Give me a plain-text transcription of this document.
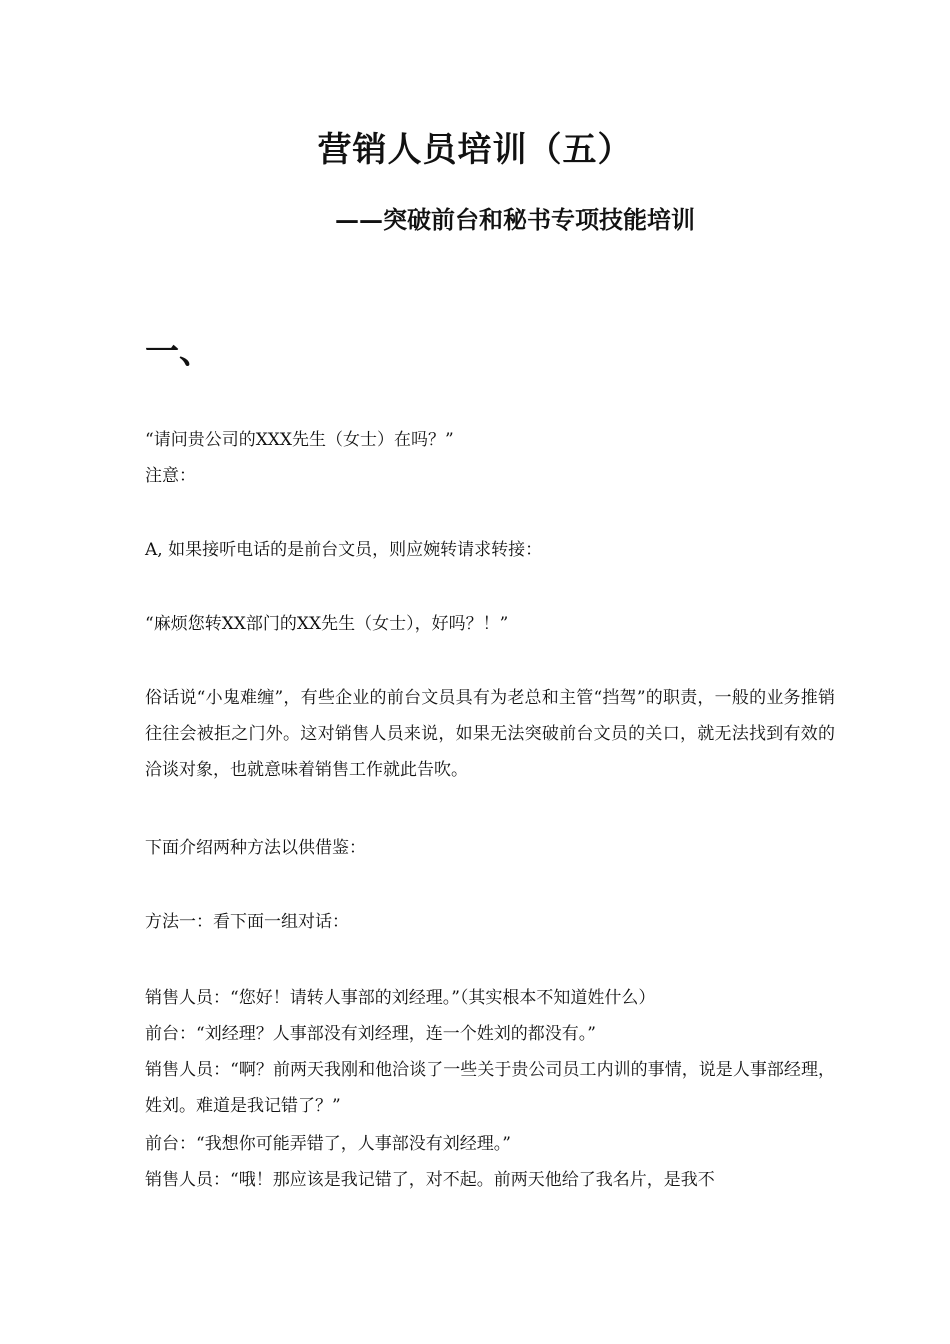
营销人员培训（五）
——突破前台和秘书专项技能培训
一、

“请问贵公司的XXX先生（女士）在吗？”

注意：

A, 如果接听电话的是前台文员，则应婉转请求转接：

“麻烦您转XX部门的XX先生（女士），好吗？！”

俗话说“小鬼难缠”，有些企业的前台文员具有为老总和主管“挡驾”的职责，一般的业务推销往往会被拒之门外。这对销售人员来说，如果无法突破前台文员的关口，就无法找到有效的洽谈对象，也就意味着销售工作就此告吹。

下面介绍两种方法以供借鉴：

方法一：看下面一组对话：

销售人员：“您好！请转人事部的刘经理。”（其实根本不知道姓什么）

前台：“刘经理？人事部没有刘经理，连一个姓刘的都没有。”

销售人员：“啊？前两天我刚和他洽谈了一些关于贵公司员工内训的事情，说是人事部经理，姓刘。难道是我记错了？”

前台：“我想你可能弄错了，人事部没有刘经理。”

销售人员：“哦！那应该是我记错了，对不起。前两天他给了我名片，是我不
